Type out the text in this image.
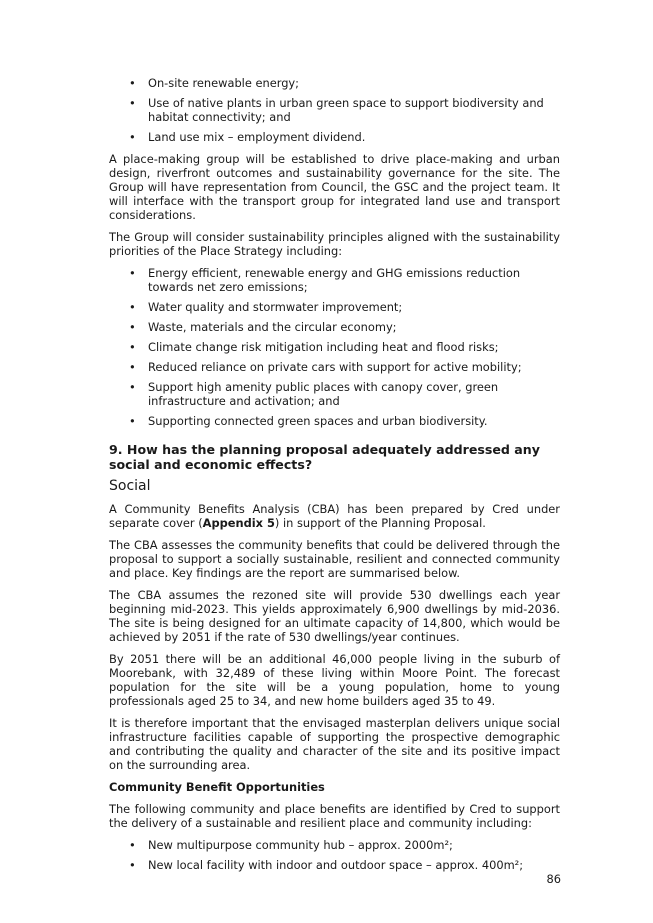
• On-site renewable energy;
• Use of native plants in urban green space to support biodiversity and habitat connectivity; and
• Land use mix – employment dividend.

A place-making group will be established to drive place-making and urban design, riverfront outcomes and sustainability governance for the site. The Group will have representation from Council, the GSC and the project team. It will interface with the transport group for integrated land use and transport considerations.

The Group will consider sustainability principles aligned with the sustainability priorities of the Place Strategy including:

• Energy efficient, renewable energy and GHG emissions reduction towards net zero emissions;
• Water quality and stormwater improvement;
• Waste, materials and the circular economy;
• Climate change risk mitigation including heat and flood risks;
• Reduced reliance on private cars with support for active mobility;
• Support high amenity public places with canopy cover, green infrastructure and activation; and
• Supporting connected green spaces and urban biodiversity.
9. How has the planning proposal adequately addressed any social and economic effects?
Social

A Community Benefits Analysis (CBA) has been prepared by Cred under separate cover (Appendix 5) in support of the Planning Proposal.

The CBA assesses the community benefits that could be delivered through the proposal to support a socially sustainable, resilient and connected community and place. Key findings are the report are summarised below.

The CBA assumes the rezoned site will provide 530 dwellings each year beginning mid-2023. This yields approximately 6,900 dwellings by mid-2036. The site is being designed for an ultimate capacity of 14,800, which would be achieved by 2051 if the rate of 530 dwellings/year continues.

By 2051 there will be an additional 46,000 people living in the suburb of Moorebank, with 32,489 of these living within Moore Point. The forecast population for the site will be a young population, home to young professionals aged 25 to 34, and new home builders aged 35 to 49.

It is therefore important that the envisaged masterplan delivers unique social infrastructure facilities capable of supporting the prospective demographic and contributing the quality and character of the site and its positive impact on the surrounding area.

Community Benefit Opportunities

The following community and place benefits are identified by Cred to support the delivery of a sustainable and resilient place and community including:

• New multipurpose community hub – approx. 2000m²;
• New local facility with indoor and outdoor space – approx. 400m²;
86
